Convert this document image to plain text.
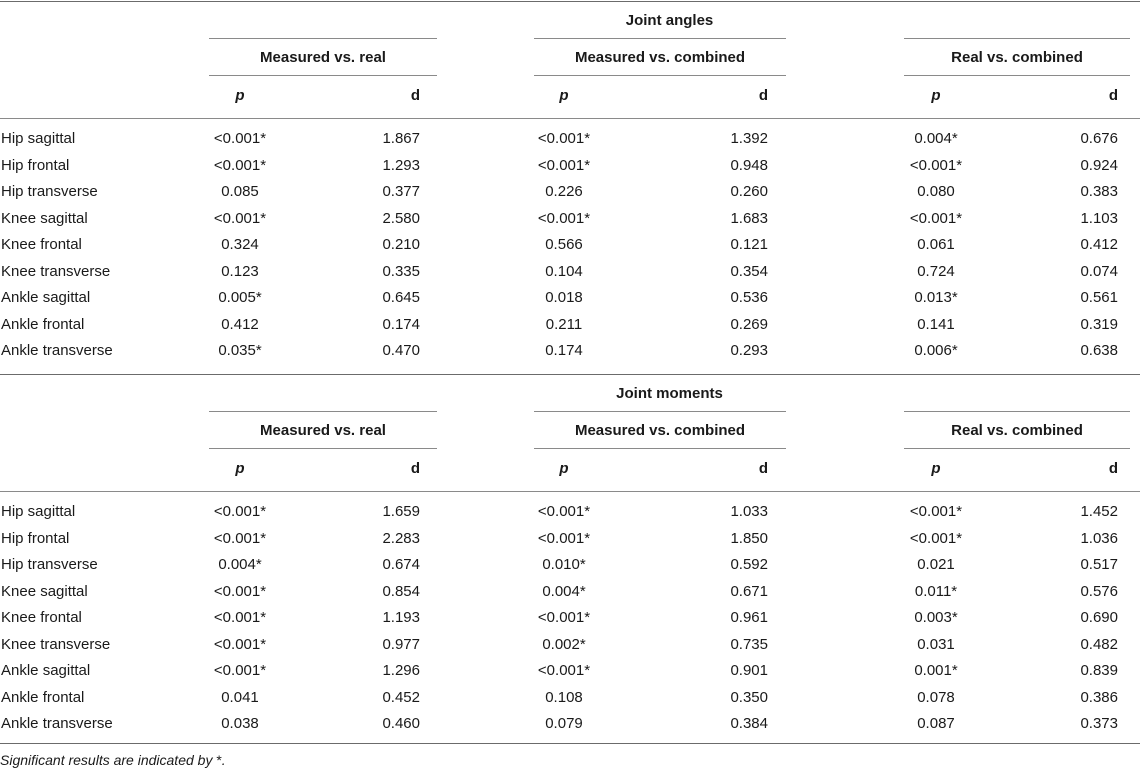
Joint angles
Measured vs. real
p	d
Measured vs. combined
p	d
Real vs. combined
p	d
Hip sagittal	<0.001*	1.867	<0.001*	1.392	0.004*	0.676
Hip frontal	<0.001*	1.293	<0.001*	0.948	<0.001*	0.924
Hip transverse	0.085	0.377	0.226	0.260	0.080	0.383
Knee sagittal	<0.001*	2.580	<0.001*	1.683	<0.001*	1.103
Knee frontal	0.324	0.210	0.566	0.121	0.061	0.412
Knee transverse	0.123	0.335	0.104	0.354	0.724	0.074
Ankle sagittal	0.005*	0.645	0.018	0.536	0.013*	0.561
Ankle frontal	0.412	0.174	0.211	0.269	0.141	0.319
Ankle transverse	0.035*	0.470	0.174	0.293	0.006*	0.638
Joint moments
Measured vs. real
p	d
Measured vs. combined
p	d
Real vs. combined
p	d
Hip sagittal	<0.001*	1.659	<0.001*	1.033	<0.001*	1.452
Hip frontal	<0.001*	2.283	<0.001*	1.850	<0.001*	1.036
Hip transverse	0.004*	0.674	0.010*	0.592	0.021	0.517
Knee sagittal	<0.001*	0.854	0.004*	0.671	0.011*	0.576
Knee frontal	<0.001*	1.193	<0.001*	0.961	0.003*	0.690
Knee transverse	<0.001*	0.977	0.002*	0.735	0.031	0.482
Ankle sagittal	<0.001*	1.296	<0.001*	0.901	0.001*	0.839
Ankle frontal	0.041	0.452	0.108	0.350	0.078	0.386
Ankle transverse	0.038	0.460	0.079	0.384	0.087	0.373
Significant results are indicated by *.
